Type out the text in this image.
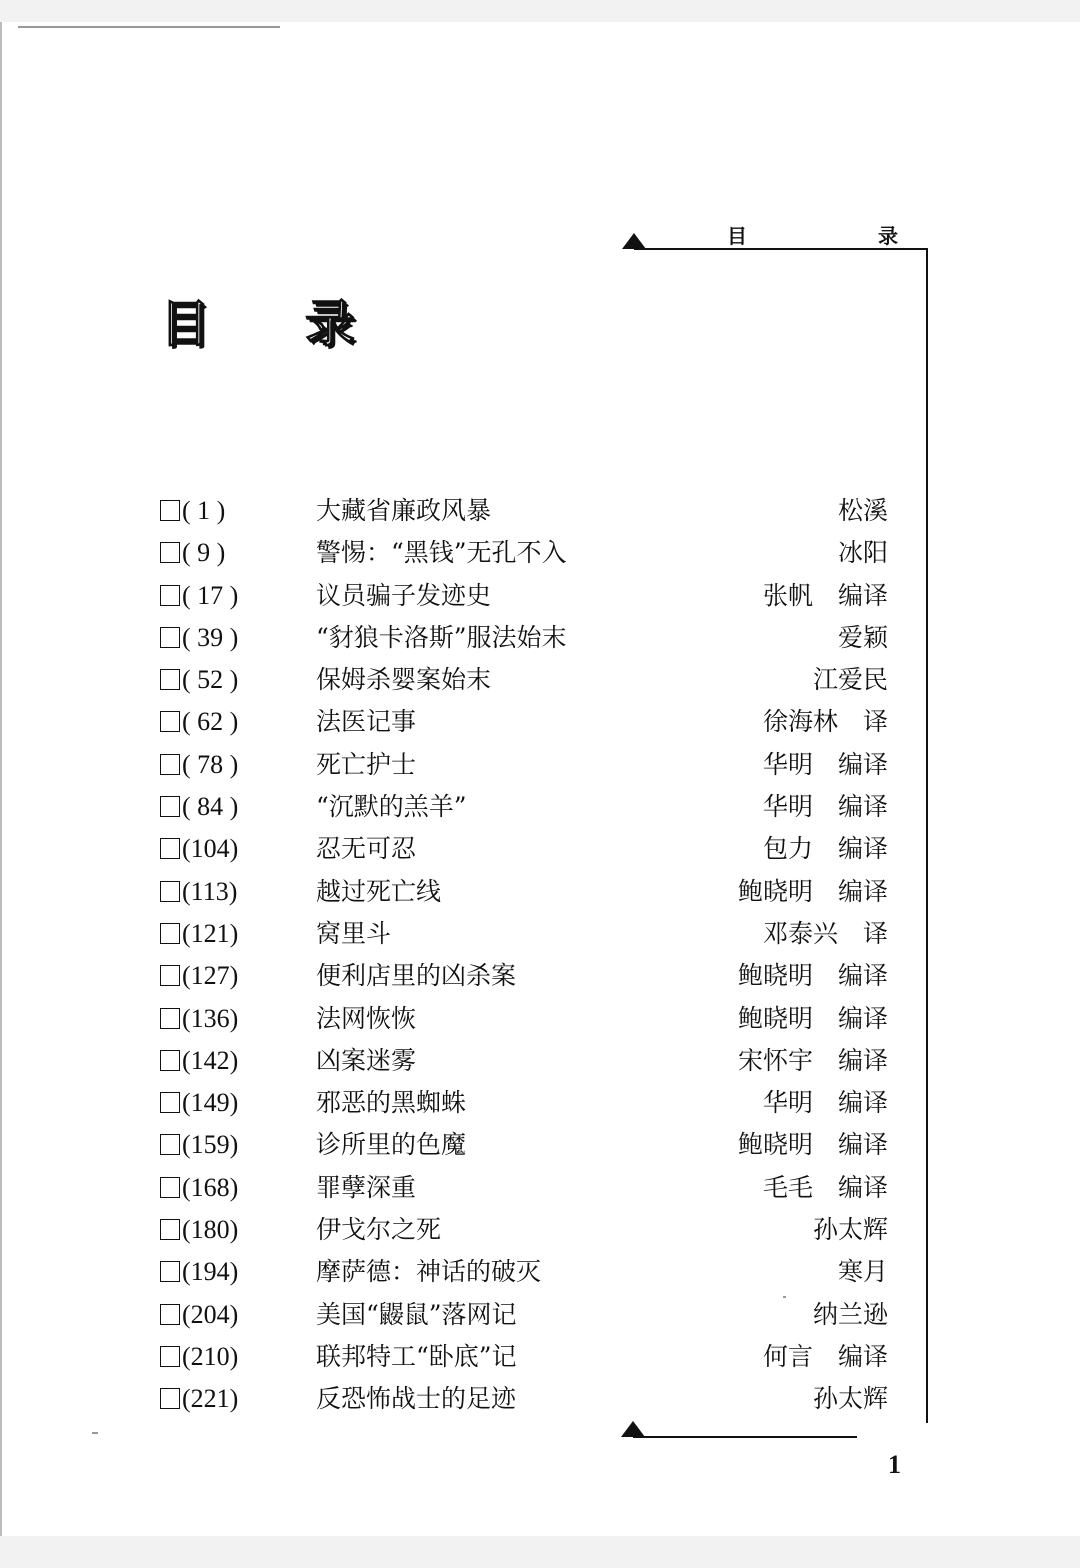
目 录
目 录
( 1 )	大藏省廉政风暴	松溪
( 9 )	警惕：“黑钱”无孔不入	冰阳
( 17 )	议员骗子发迹史	张帆　编译
( 39 )	“豺狼卡洛斯”服法始末	爱颖
( 52 )	保姆杀婴案始末	江爱民
( 62 )	法医记事	徐海林　译
( 78 )	死亡护士	华明　编译
( 84 )	“沉默的羔羊”	华明　编译
(104)	忍无可忍	包力　编译
(113)	越过死亡线	鲍晓明　编译
(121)	窝里斗	邓泰兴　译
(127)	便利店里的凶杀案	鲍晓明　编译
(136)	法网恢恢	鲍晓明　编译
(142)	凶案迷雾	宋怀宇　编译
(149)	邪恶的黑蜘蛛	华明　编译
(159)	诊所里的色魔	鲍晓明　编译
(168)	罪孽深重	毛毛　编译
(180)	伊戈尔之死	孙太辉
(194)	摩萨德：神话的破灭	寒月
(204)	美国“鼹鼠”落网记	纳兰逊
(210)	联邦特工“卧底”记	何言　编译
(221)	反恐怖战士的足迹	孙太辉
1
